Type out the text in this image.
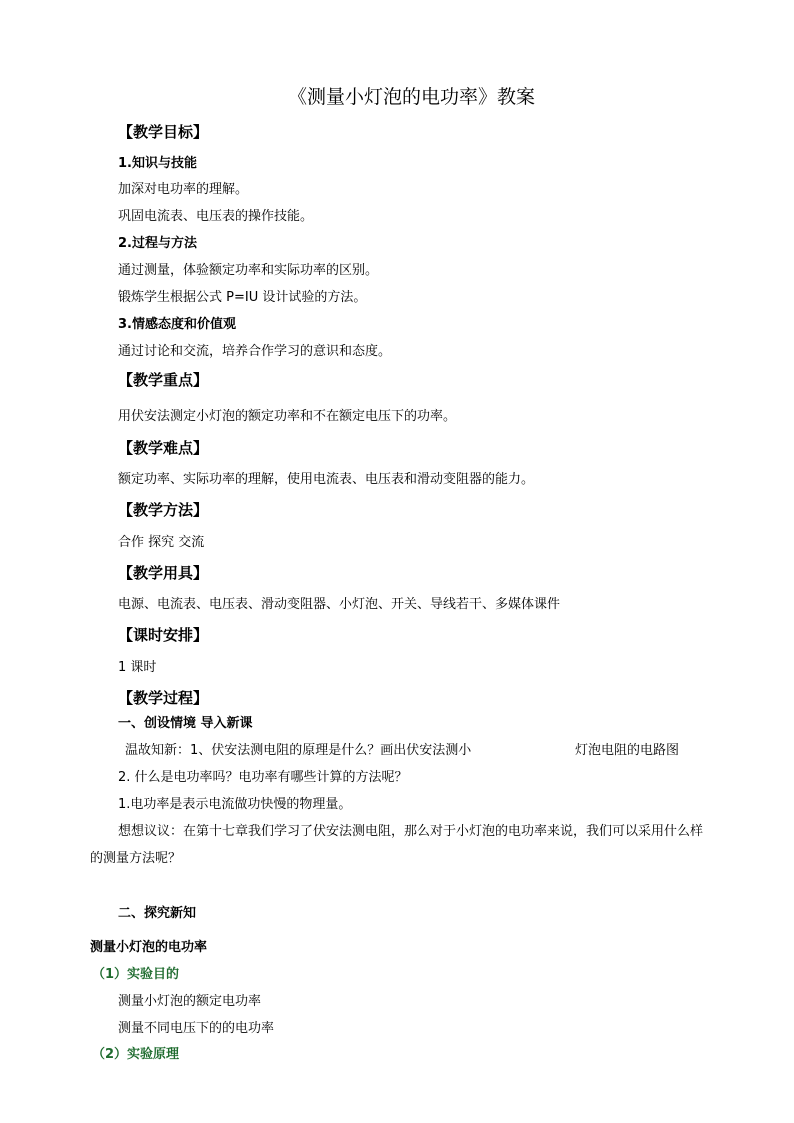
《测量小灯泡的电功率》教案
【教学目标】
1.知识与技能
加深对电功率的理解。
巩固电流表、电压表的操作技能。
2.过程与方法
通过测量，体验额定功率和实际功率的区别。
锻炼学生根据公式 P=IU 设计试验的方法。
3.情感态度和价值观
通过讨论和交流，培养合作学习的意识和态度。
【教学重点】
用伏安法测定小灯泡的额定功率和不在额定电压下的功率。
【教学难点】
额定功率、实际功率的理解，使用电流表、电压表和滑动变阻器的能力。
【教学方法】
合作 探究 交流
【教学用具】
电源、电流表、电压表、滑动变阻器、小灯泡、开关、导线若干、多媒体课件
【课时安排】
1 课时
【教学过程】
一、创设情境 导入新课
温故知新：1、伏安法测电阻的原理是什么？画出伏安法测小	灯泡电阻的电路图
2. 什么是电功率吗？电功率有哪些计算的方法呢？
1.电功率是表示电流做功快慢的物理量。
想想议议：在第十七章我们学习了伏安法测电阻，那么对于小灯泡的电功率来说，我们可以采用什么样的测量方法呢？
二、探究新知
测量小灯泡的电功率
（1）实验目的
测量小灯泡的额定电功率
测量不同电压下的的电功率
（2）实验原理
